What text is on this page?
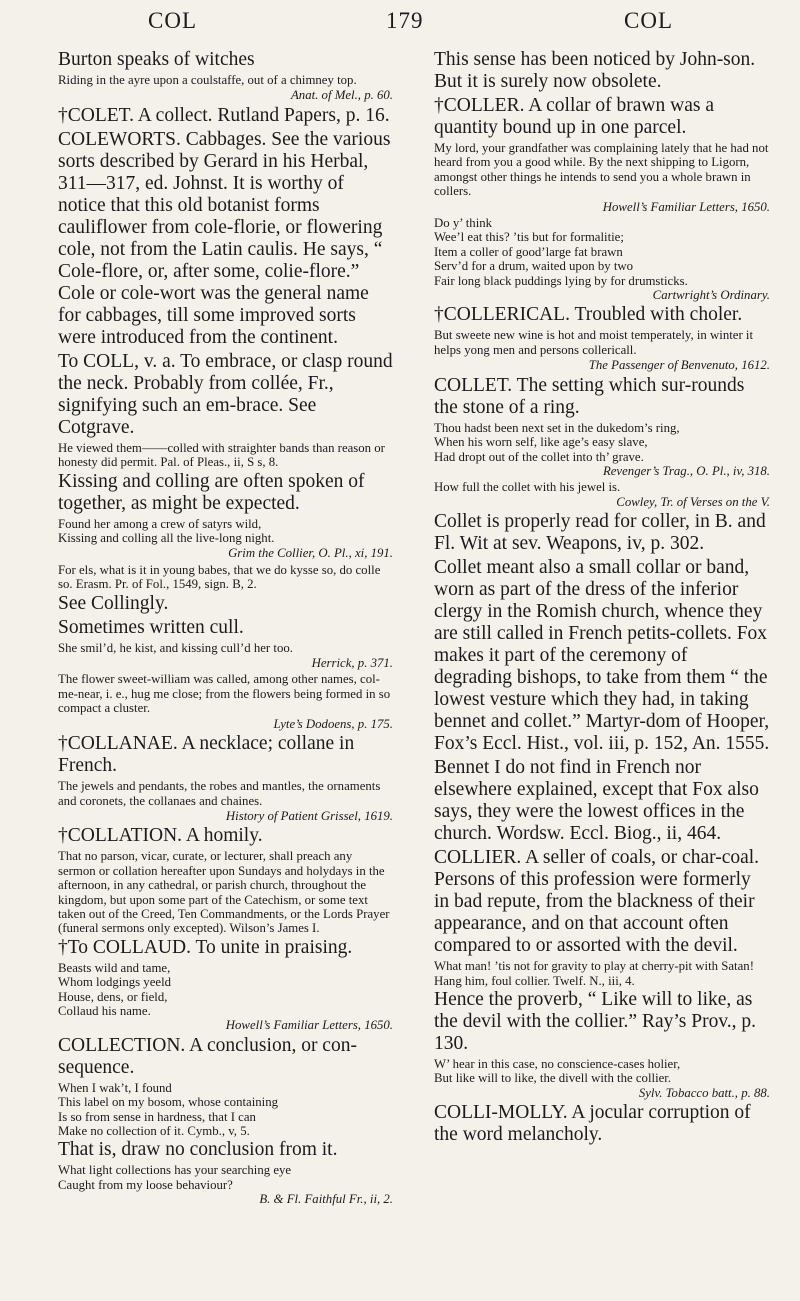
COL	179	COL

Burton speaks of witches

Riding in the ayre upon a coulstaffe, out of a chimney top.

Anat. of Mel., p. 60.

†COLET. A collect. Rutland Papers, p. 16.

COLEWORTS. Cabbages. See the various sorts described by Gerard in his Herbal, 311—317, ed. Johnst. It is worthy of notice that this old botanist forms cauliflower from cole-florie, or flowering cole, not from the Latin caulis. He says, “ Cole-flore, or, after some, colie-flore.” Cole or cole-wort was the general name for cabbages, till some improved sorts were introduced from the continent.

To COLL, v. a. To embrace, or clasp round the neck. Probably from collée, Fr., signifying such an em-brace. See Cotgrave.

He viewed them——colled with straighter bands than reason or honesty did permit. Pal. of Pleas., ii, S s, 8.

Kissing and colling are often spoken of together, as might be expected.

Found her among a crew of satyrs wild,
Kissing and colling all the live-long night.

Grim the Collier, O. Pl., xi, 191.

For els, what is it in young babes, that we do kysse so, do colle so. Erasm. Pr. of Fol., 1549, sign. B, 2.

See Collingly.

Sometimes written cull.

She smil’d, he kist, and kissing cull’d her too.

Herrick, p. 371.

The flower sweet-william was called, among other names, col-me-near, i. e., hug me close; from the flowers being formed in so compact a cluster.

Lyte’s Dodoens, p. 175.

†COLLANAE. A necklace; collane in French.

The jewels and pendants, the robes and mantles, the ornaments and coronets, the collanaes and chaines.

History of Patient Grissel, 1619.

†COLLATION. A homily.

That no parson, vicar, curate, or lecturer, shall preach any sermon or collation hereafter upon Sundays and holydays in the afternoon, in any cathedral, or parish church, throughout the kingdom, but upon some part of the Catechism, or some text taken out of the Creed, Ten Commandments, or the Lords Prayer (funeral sermons only excepted). Wilson’s James I.

†To COLLAUD. To unite in praising.

Beasts wild and tame,
Whom lodgings yeeld
House, dens, or field,
Collaud his name.

Howell’s Familiar Letters, 1650.

COLLECTION. A conclusion, or con-sequence.

When I wak’t, I found
This label on my bosom, whose containing
Is so from sense in hardness, that I can
Make no collection of it. Cymb., v, 5.

That is, draw no conclusion from it.

What light collections has your searching eye
Caught from my loose behaviour?

B. & Fl. Faithful Fr., ii, 2.

This sense has been noticed by John-son. But it is surely now obsolete.

†COLLER. A collar of brawn was a quantity bound up in one parcel.

My lord, your grandfather was complaining lately that he had not heard from you a good while. By the next shipping to Ligorn, amongst other things he intends to send you a whole brawn in collers.

Howell’s Familiar Letters, 1650.

Do y’ think
Wee’l eat this? ’tis but for formalitie;
Item a coller of good’large fat brawn
Serv’d for a drum, waited upon by two
Fair long black puddings lying by for drumsticks.

Cartwright’s Ordinary.

†COLLERICAL. Troubled with choler.

But sweete new wine is hot and moist temperately, in winter it helps yong men and persons collericall.

The Passenger of Benvenuto, 1612.

COLLET. The setting which sur-rounds the stone of a ring.

Thou hadst been next set in the dukedom’s ring,
When his worn self, like age’s easy slave,
Had dropt out of the collet into th’ grave.

Revenger’s Trag., O. Pl., iv, 318.

How full the collet with his jewel is.

Cowley, Tr. of Verses on the V.

Collet is properly read for coller, in B. and Fl. Wit at sev. Weapons, iv, p. 302.

Collet meant also a small collar or band, worn as part of the dress of the inferior clergy in the Romish church, whence they are still called in French petits-collets. Fox makes it part of the ceremony of degrading bishops, to take from them “ the lowest vesture which they had, in taking bennet and collet.” Martyr-dom of Hooper, Fox’s Eccl. Hist., vol. iii, p. 152, An. 1555.

Bennet I do not find in French nor elsewhere explained, except that Fox also says, they were the lowest offices in the church. Wordsw. Eccl. Biog., ii, 464.

COLLIER. A seller of coals, or char-coal. Persons of this profession were formerly in bad repute, from the blackness of their appearance, and on that account often compared to or assorted with the devil.

What man! ’tis not for gravity to play at cherry-pit with Satan! Hang him, foul collier. Twelf. N., iii, 4.

Hence the proverb, “ Like will to like, as the devil with the collier.” Ray’s Prov., p. 130.

W’ hear in this case, no conscience-cases holier,
But like will to like, the divell with the collier.

Sylv. Tobacco batt., p. 88.

COLLI-MOLLY. A jocular corruption of the word melancholy.
